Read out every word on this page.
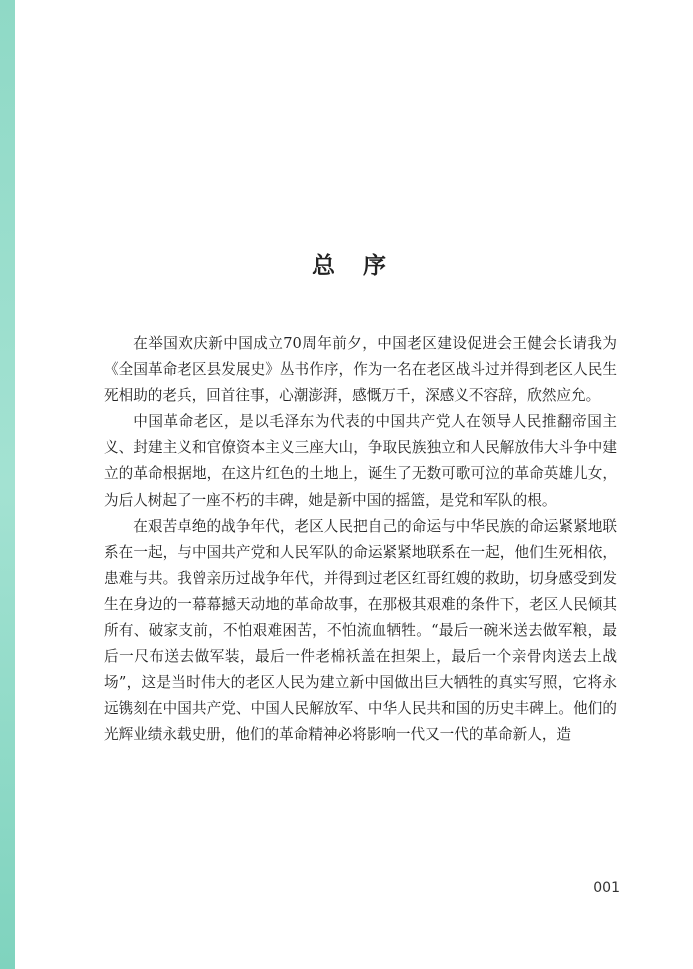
总 序

在举国欢庆新中国成立70周年前夕，中国老区建设促进会王健会长请我为《全国革命老区县发展史》丛书作序，作为一名在老区战斗过并得到老区人民生死相助的老兵，回首往事，心潮澎湃，感慨万千，深感义不容辞，欣然应允。

中国革命老区，是以毛泽东为代表的中国共产党人在领导人民推翻帝国主义、封建主义和官僚资本主义三座大山，争取民族独立和人民解放伟大斗争中建立的革命根据地，在这片红色的土地上，诞生了无数可歌可泣的革命英雄儿女，为后人树起了一座不朽的丰碑，她是新中国的摇篮，是党和军队的根。

在艰苦卓绝的战争年代，老区人民把自己的命运与中华民族的命运紧紧地联系在一起，与中国共产党和人民军队的命运紧紧地联系在一起，他们生死相依，患难与共。我曾亲历过战争年代，并得到过老区红哥红嫂的救助，切身感受到发生在身边的一幕幕撼天动地的革命故事，在那极其艰难的条件下，老区人民倾其所有、破家支前，不怕艰难困苦，不怕流血牺牲。“最后一碗米送去做军粮，最后一尺布送去做军装，最后一件老棉袄盖在担架上，最后一个亲骨肉送去上战场”，这是当时伟大的老区人民为建立新中国做出巨大牺牲的真实写照，它将永远镌刻在中国共产党、中国人民解放军、中华人民共和国的历史丰碑上。他们的光辉业绩永载史册，他们的革命精神必将影响一代又一代的革命新人，造

001
